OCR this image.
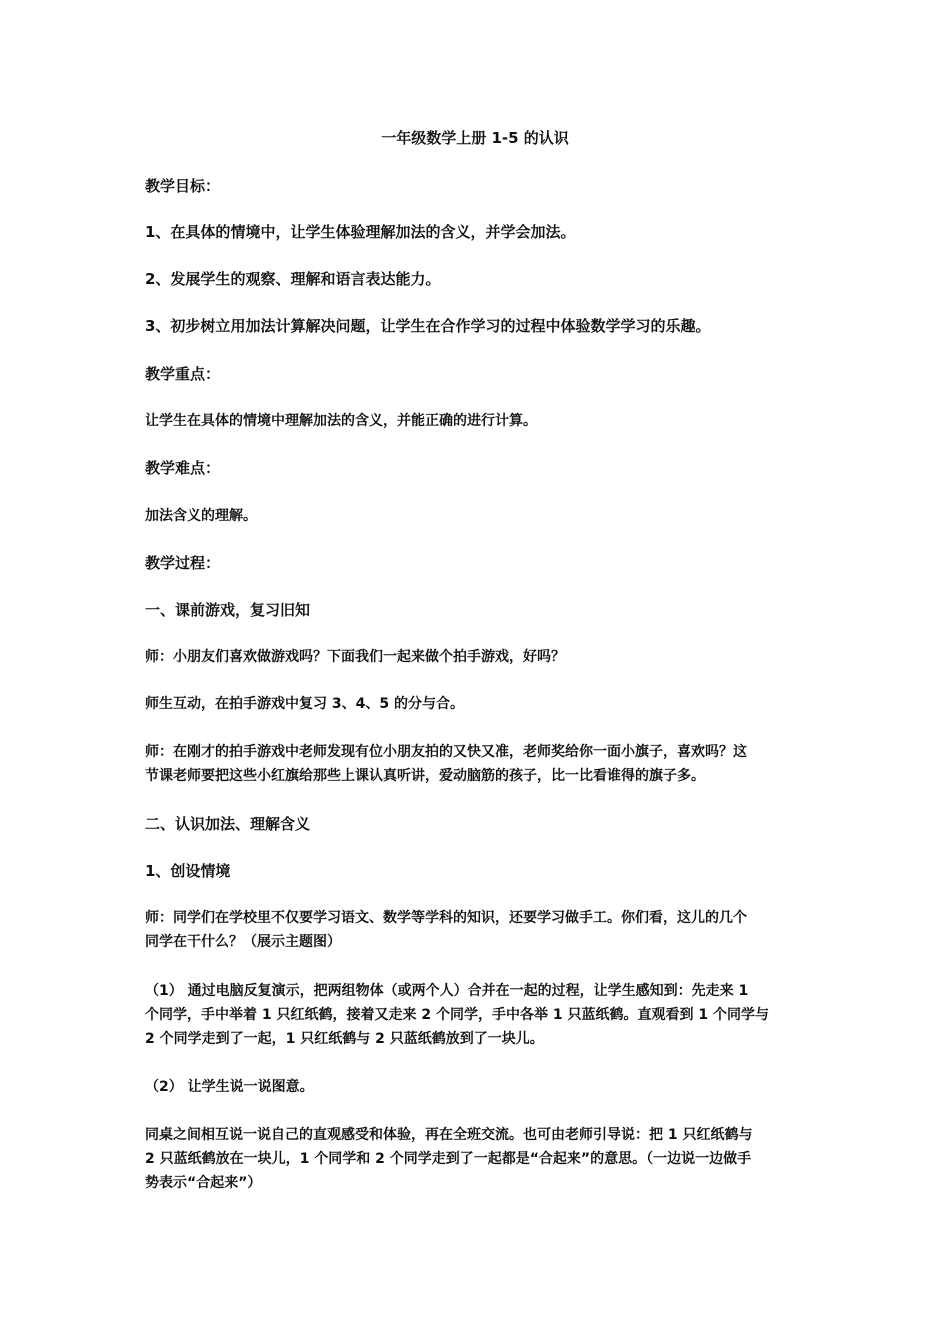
一年级数学上册 1-5 的认识
教学目标：
1、在具体的情境中，让学生体验理解加法的含义，并学会加法。
2、发展学生的观察、理解和语言表达能力。
3、初步树立用加法计算解决问题，让学生在合作学习的过程中体验数学学习的乐趣。
教学重点：
让学生在具体的情境中理解加法的含义，并能正确的进行计算。
教学难点：
加法含义的理解。
教学过程：
一、课前游戏，复习旧知
师：小朋友们喜欢做游戏吗？下面我们一起来做个拍手游戏，好吗？
师生互动，在拍手游戏中复习 3、4、5 的分与合。
师：在刚才的拍手游戏中老师发现有位小朋友拍的又快又准，老师奖给你一面小旗子，喜欢吗？这
节课老师要把这些小红旗给那些上课认真听讲，爱动脑筋的孩子，比一比看谁得的旗子多。
二、认识加法、理解含义
1、创设情境
师：同学们在学校里不仅要学习语文、数学等学科的知识，还要学习做手工。你们看，这儿的几个
同学在干什么？（展示主题图）
（1） 通过电脑反复演示，把两组物体（或两个人）合并在一起的过程，让学生感知到：先走来 1
个同学，手中举着 1 只红纸鹤，接着又走来 2 个同学，手中各举 1 只蓝纸鹤。直观看到 1 个同学与
2 个同学走到了一起，1 只红纸鹤与 2 只蓝纸鹤放到了一块儿。
（2） 让学生说一说图意。
同桌之间相互说一说自己的直观感受和体验，再在全班交流。也可由老师引导说：把 1 只红纸鹤与
2 只蓝纸鹤放在一块儿，1 个同学和 2 个同学走到了一起都是“合起来”的意思。（一边说一边做手
势表示“合起来”）
